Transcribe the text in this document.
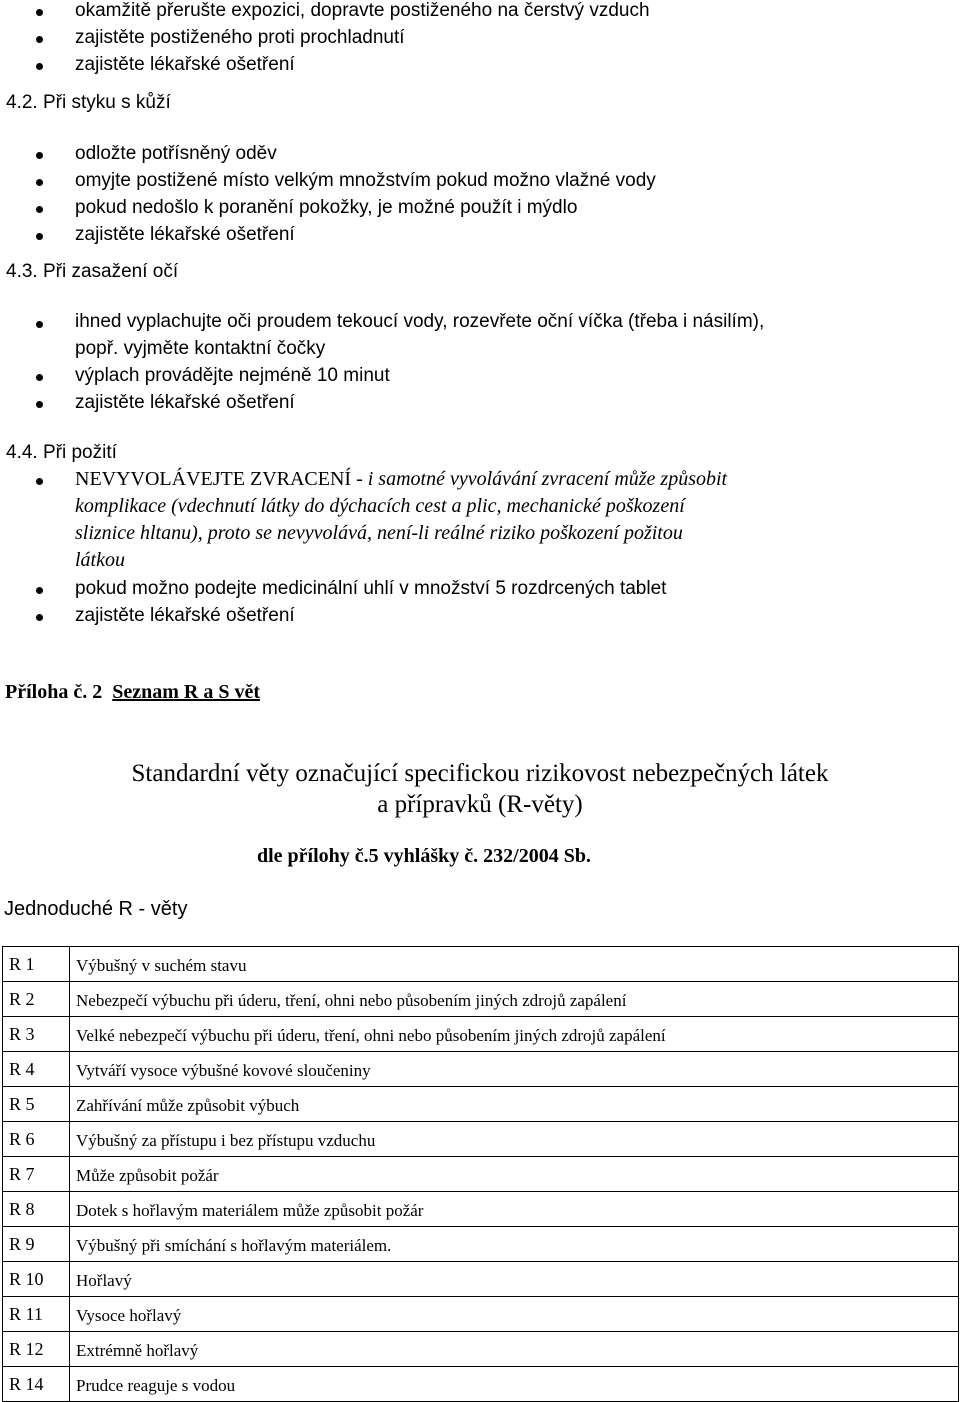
okamžitě přerušte expozici, dopravte postiženého na čerstvý vzduch
zajistěte postiženého proti prochladnutí
zajistěte lékařské ošetření
4.2. Při styku s kůží
odložte potřísněný oděv
omyjte postižené místo velkým množstvím pokud možno vlažné vody
pokud nedošlo k poranění pokožky, je možné použít i mýdlo
zajistěte lékařské ošetření
4.3. Při zasažení očí
ihned vyplachujte oči proudem tekoucí vody, rozevřete oční víčka (třeba i násilím),
popř. vyjměte kontaktní čočky
výplach provádějte nejméně 10 minut
zajistěte lékařské ošetření
4.4. Při požití
NEVYVOLÁVEJTE ZVRACENÍ - i samotné vyvolávání zvracení může způsobit
komplikace (vdechnutí látky do dýchacích cest a plic, mechanické poškození
sliznice hltanu), proto se nevyvolává, není-li reálné riziko poškození požitou
látkou
pokud možno podejte medicinální uhlí v množství 5 rozdrcených tablet
zajistěte lékařské ošetření
Příloha č. 2 Seznam R a S vět
Standardní věty označující specifickou rizikovost nebezpečných látek
a přípravků (R-věty)
dle přílohy č.5 vyhlášky č. 232/2004 Sb.
Jednoduché R - věty
R 1	Výbušný v suchém stavu
R 2	Nebezpečí výbuchu při úderu, tření, ohni nebo působením jiných zdrojů zapálení
R 3	Velké nebezpečí výbuchu při úderu, tření, ohni nebo působením jiných zdrojů zapálení
R 4	Vytváří vysoce výbušné kovové sloučeniny
R 5	Zahřívání může způsobit výbuch
R 6	Výbušný za přístupu i bez přístupu vzduchu
R 7	Může způsobit požár
R 8	Dotek s hořlavým materiálem může způsobit požár
R 9	Výbušný při smíchání s hořlavým materiálem.
R 10	Hořlavý
R 11	Vysoce hořlavý
R 12	Extrémně hořlavý
R 14	Prudce reaguje s vodou
